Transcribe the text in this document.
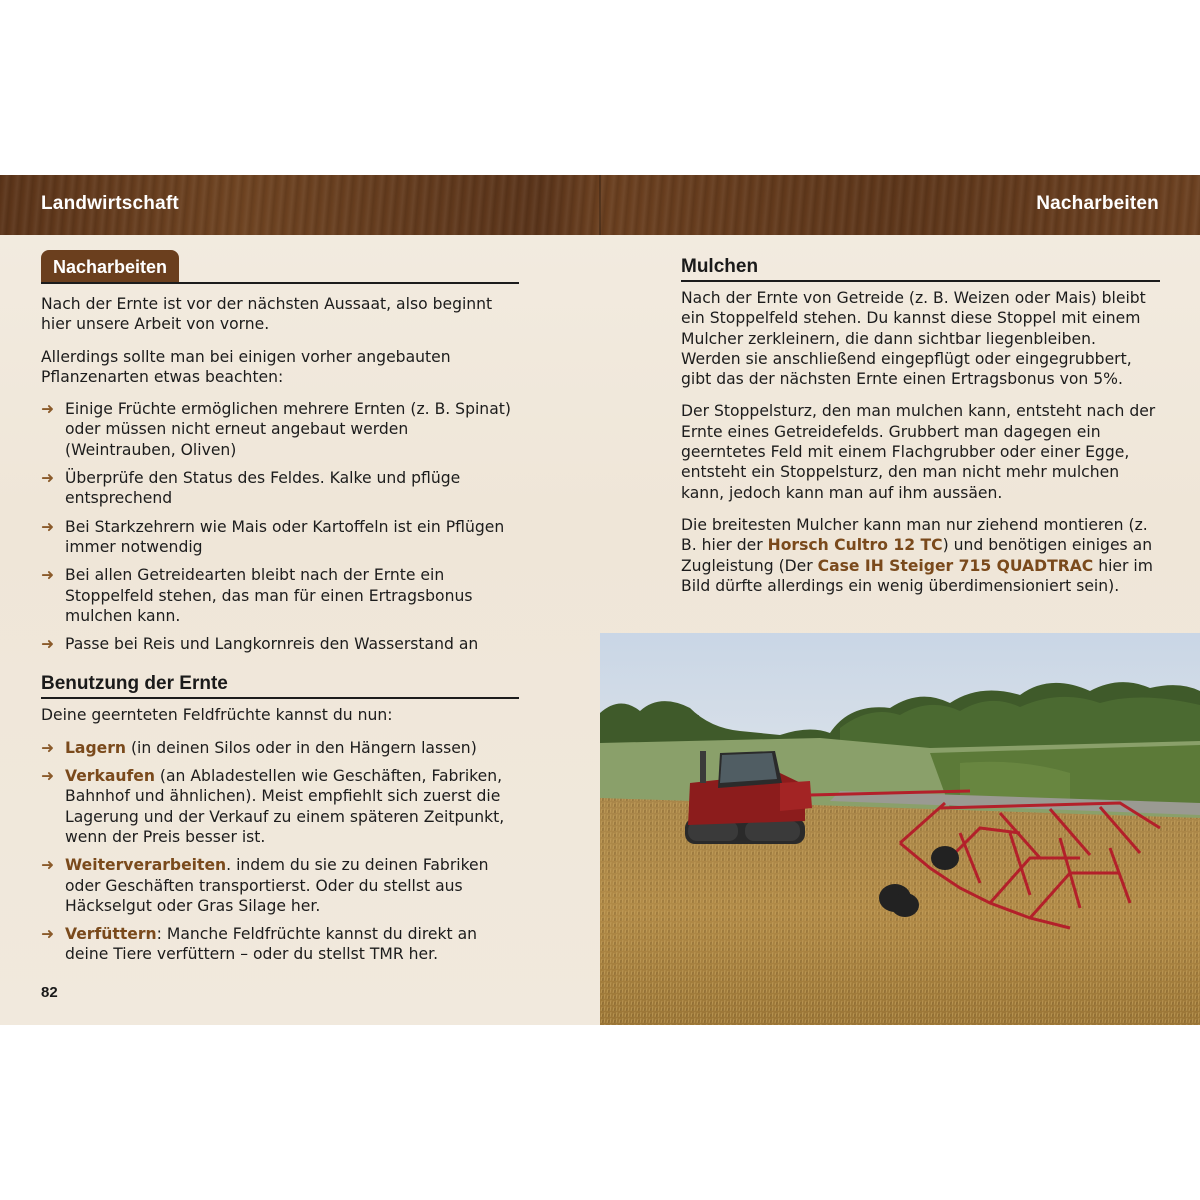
Landwirtschaft	Nacharbeiten
Nacharbeiten

Nach der Ernte ist vor der nächsten Aussaat, also beginnt hier unsere Arbeit von vorne.

Allerdings sollte man bei einigen vorher angebauten Pflanzenarten etwas beachten:

➜ Einige Früchte ermöglichen mehrere Ernten (z. B. Spinat) oder müssen nicht erneut angebaut werden (Weintrauben, Oliven)
➜ Überprüfe den Status des Feldes. Kalke und pflüge entsprechend
➜ Bei Starkzehrern wie Mais oder Kartoffeln ist ein Pflügen immer notwendig
➜ Bei allen Getreidearten bleibt nach der Ernte ein Stoppelfeld stehen, das man für einen Ertragsbonus mulchen kann.
➜ Passe bei Reis und Langkornreis den Wasserstand an
Benutzung der Ernte

Deine geernteten Feldfrüchte kannst du nun:

➜ Lagern (in deinen Silos oder in den Hängern lassen)
➜ Verkaufen (an Abladestellen wie Geschäften, Fabriken, Bahnhof und ähnlichen). Meist empfiehlt sich zuerst die Lagerung und der Verkauf zu einem späteren Zeitpunkt, wenn der Preis besser ist.
➜ Weiterverarbeiten. indem du sie zu deinen Fabriken oder Geschäften transportierst. Oder du stellst aus Häckselgut oder Gras Silage her.
➜ Verfüttern: Manche Feldfrüchte kannst du direkt an deine Tiere verfüttern – oder du stellst TMR her.
82
Mulchen

Nach der Ernte von Getreide (z. B. Weizen oder Mais) bleibt ein Stoppelfeld stehen. Du kannst diese Stoppel mit einem Mulcher zerkleinern, die dann sichtbar liegenbleiben. Werden sie anschließend eingepflügt oder eingegrubbert, gibt das der nächsten Ernte einen Ertragsbonus von 5%.

Der Stoppelsturz, den man mulchen kann, entsteht nach der Ernte eines Getreidefelds. Grubbert man dagegen ein geerntetes Feld mit einem Flachgrubber oder einer Egge, entsteht ein Stoppelsturz, den man nicht mehr mulchen kann, jedoch kann man auf ihm aussäen.

Die breitesten Mulcher kann man nur ziehend montieren (z. B. hier der Horsch Cultro 12 TC) und benötigen einiges an Zugleistung (Der Case IH Steiger 715 QUADTRAC hier im Bild dürfte allerdings ein wenig überdimensioniert sein).
